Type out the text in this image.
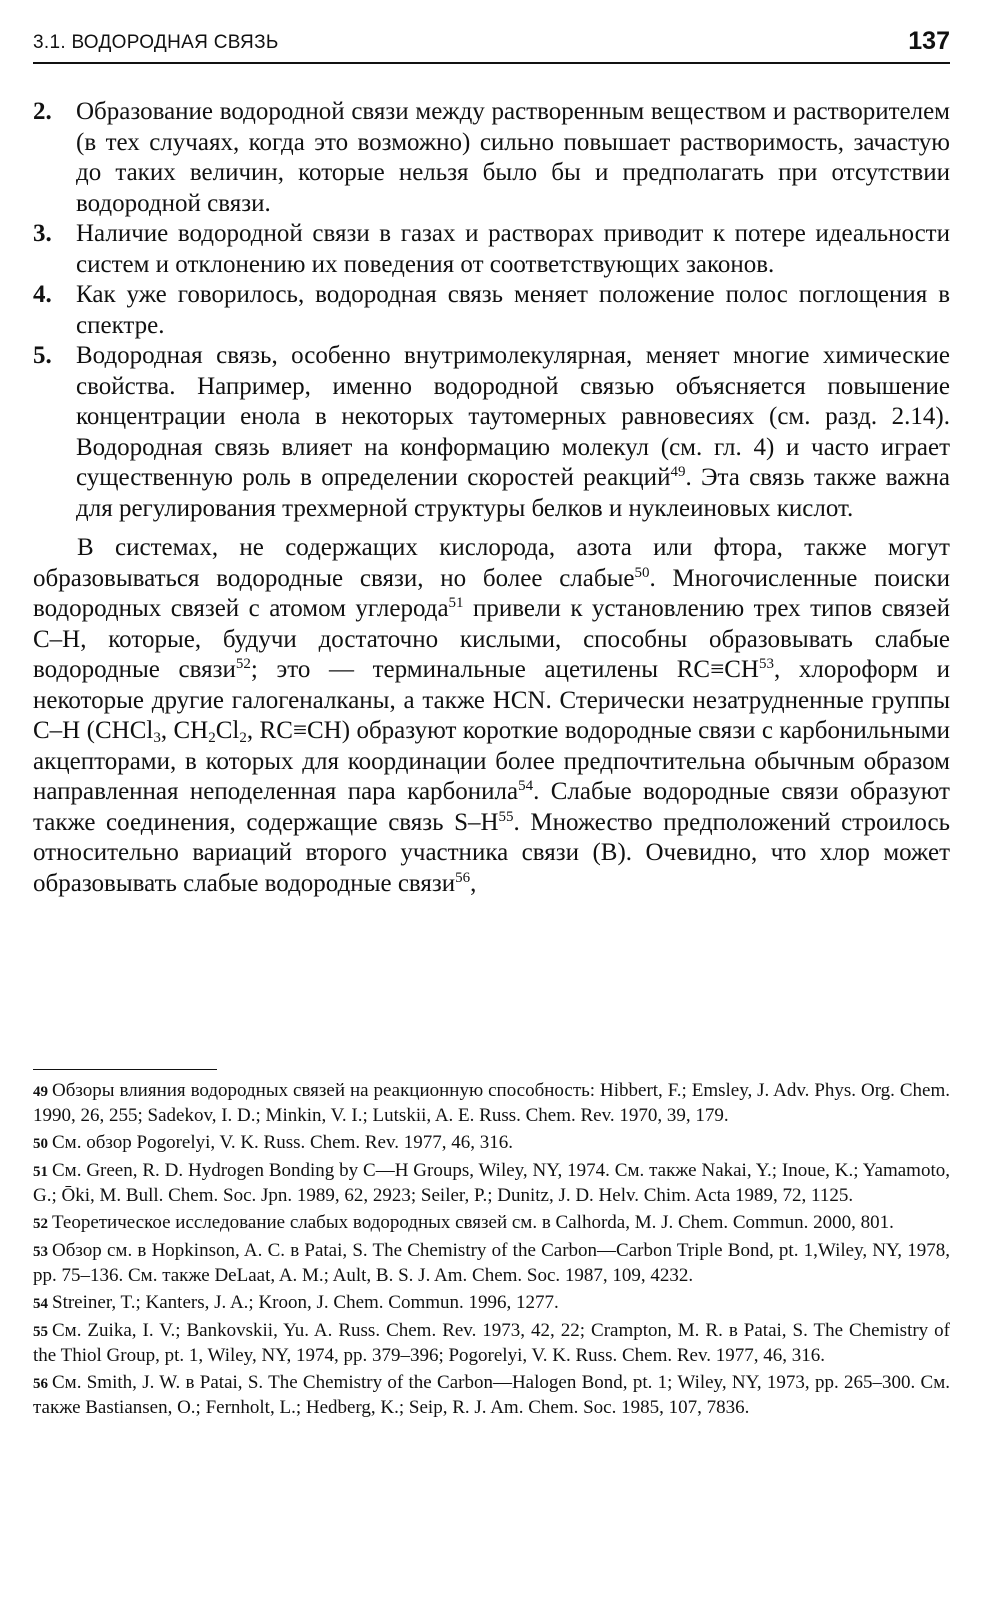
3.1. ВОДОРОДНАЯ СВЯЗЬ	137
2. Образование водородной связи между растворенным веществом и растворителем (в тех случаях, когда это возможно) сильно повышает растворимость, зачастую до таких величин, которые нельзя было бы и предполагать при отсутствии водородной связи.
3. Наличие водородной связи в газах и растворах приводит к потере идеальности систем и отклонению их поведения от соответствующих законов.
4. Как уже говорилось, водородная связь меняет положение полос поглощения в спектре.
5. Водородная связь, особенно внутримолекулярная, меняет многие химические свойства. Например, именно водородной связью объясняется повышение концентрации енола в некоторых таутомерных равновесиях (см. разд. 2.14). Водородная связь влияет на конформацию молекул (см. гл. 4) и часто играет существенную роль в определении скоростей реакций$^{49}$. Эта связь также важна для регулирования трехмерной структуры белков и нуклеиновых кислот.
В системах, не содержащих кислорода, азота или фтора, также могут образовываться водородные связи, но более слабые$^{50}$. Многочисленные поиски водородных связей с атомом углерода$^{51}$ привели к установлению трех типов связей C–H, которые, будучи достаточно кислыми, способны образовывать слабые водородные связи$^{52}$; это — терминальные ацетилены $RC\equiv CH^{53}$, хлороформ и некоторые другие галогеналканы, а также HCN. Стерически незатрудненные группы C–H (CHCl$_3$, $CH_2Cl_2$, RC≡CH) образуют короткие водородные связи с карбонильными акцепторами, в которых для координации более предпочтительна обычным образом направленная неподеленная пара карбонила$^{54}$. Слабые водородные связи образуют также соединения, содержащие связь $S-H^{55}$. Множество предположений строилось относительно вариаций второго участника связи (B). Очевидно, что хлор может образовывать слабые водородные связи$^{56}$,
49 Обзоры влияния водородных связей на реакционную способность: Hibbert, F.; Emsley, J. Adv. Phys. Org. Chem. 1990, 26, 255; Sadekov, I. D.; Minkin, V. I.; Lutskii, A. E. Russ. Chem. Rev. 1970, 39, 179.
50 См. обзор Pogorelyi, V. K. Russ. Chem. Rev. 1977, 46, 316.
51 См. Green, R. D. Hydrogen Bonding by C—H Groups, Wiley, NY, 1974. См. также Nakai, Y.; Inoue, K.; Yamamoto, G.; Ōki, M. Bull. Chem. Soc. Jpn. 1989, 62, 2923; Seiler, P.; Dunitz, J. D. Helv. Chim. Acta 1989, 72, 1125.
52 Теоретическое исследование слабых водородных связей см. в Calhorda, M. J. Chem. Commun. 2000, 801.
53 Обзор см. в Hopkinson, A. C. в Patai, S. The Chemistry of the Carbon—Carbon Triple Bond, pt. 1,Wiley, NY, 1978, pp. 75–136. См. также DeLaat, A. M.; Ault, B. S. J. Am. Chem. Soc. 1987, 109, 4232.
54 Streiner, T.; Kanters, J. A.; Kroon, J. Chem. Commun. 1996, 1277.
55 См. Zuika, I. V.; Bankovskii, Yu. A. Russ. Chem. Rev. 1973, 42, 22; Crampton, M. R. в Patai, S. The Chemistry of the Thiol Group, pt. 1, Wiley, NY, 1974, pp. 379–396; Pogorelyi, V. K. Russ. Chem. Rev. 1977, 46, 316.
56 См. Smith, J. W. в Patai, S. The Chemistry of the Carbon—Halogen Bond, pt. 1; Wiley, NY, 1973, pp. 265–300. См. также Bastiansen, O.; Fernholt, L.; Hedberg, K.; Seip, R. J. Am. Chem. Soc. 1985, 107, 7836.
